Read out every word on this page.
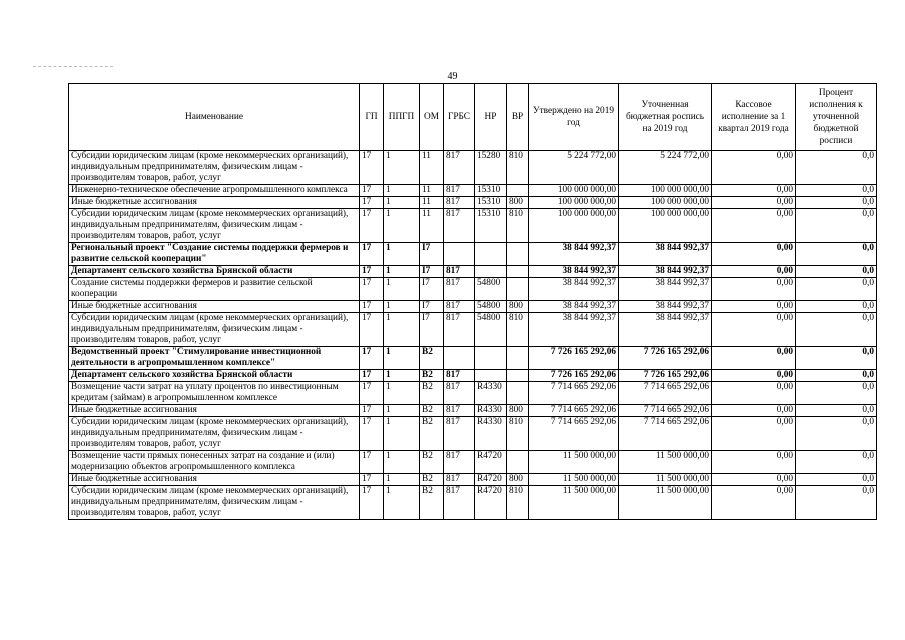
49
Наименование	ГП	ППГП	ОМ	ГРБС	НР	ВР	Утверждено на 2019 год	Уточненная бюджетная роспись на 2019 год	Кассовое исполнение за 1 квартал 2019 года	Процент исполнения к уточненной бюджетной росписи
Субсидии юридическим лицам (кроме некоммерческих организаций), индивидуальным предпринимателям, физическим лицам - производителям товаров, работ, услуг	17	1	11	817	15280	810	5 224 772,00	5 224 772,00	0,00	0,0
Инженерно-техническое обеспечение агропромышленного комплекса	17	1	11	817	15310		100 000 000,00	100 000 000,00	0,00	0,0
Иные бюджетные ассигнования	17	1	11	817	15310	800	100 000 000,00	100 000 000,00	0,00	0,0
Субсидии юридическим лицам (кроме некоммерческих организаций), индивидуальным предпринимателям, физическим лицам - производителям товаров, работ, услуг	17	1	11	817	15310	810	100 000 000,00	100 000 000,00	0,00	0,0
Региональный проект "Создание системы поддержки фермеров и развитие сельской кооперации"	17	1	I7				38 844 992,37	38 844 992,37	0,00	0,0
Департамент сельского хозяйства Брянской области	17	1	I7	817			38 844 992,37	38 844 992,37	0,00	0,0
Создание системы поддержки фермеров и развитие сельской кооперации	17	1	I7	817	54800		38 844 992,37	38 844 992,37	0,00	0,0
Иные бюджетные ассигнования	17	1	I7	817	54800	800	38 844 992,37	38 844 992,37	0,00	0,0
Субсидии юридическим лицам (кроме некоммерческих организаций), индивидуальным предпринимателям, физическим лицам - производителям товаров, работ, услуг	17	1	I7	817	54800	810	38 844 992,37	38 844 992,37	0,00	0,0
Ведомственный проект "Стимулирование инвестиционной деятельности в агропромышленном комплексе"	17	1	B2				7 726 165 292,06	7 726 165 292,06	0,00	0,0
Департамент сельского хозяйства Брянской области	17	1	B2	817			7 726 165 292,06	7 726 165 292,06	0,00	0,0
Возмещение части затрат на уплату процентов по инвестиционным кредитам (займам) в агропромышленном комплексе	17	1	B2	817	R4330		7 714 665 292,06	7 714 665 292,06	0,00	0,0
Иные бюджетные ассигнования	17	1	B2	817	R4330	800	7 714 665 292,06	7 714 665 292,06	0,00	0,0
Субсидии юридическим лицам (кроме некоммерческих организаций), индивидуальным предпринимателям, физическим лицам - производителям товаров, работ, услуг	17	1	B2	817	R4330	810	7 714 665 292,06	7 714 665 292,06	0,00	0,0
Возмещение части прямых понесенных затрат на создание и (или) модернизацию объектов агропромышленного комплекса	17	1	B2	817	R4720		11 500 000,00	11 500 000,00	0,00	0,0
Иные бюджетные ассигнования	17	1	B2	817	R4720	800	11 500 000,00	11 500 000,00	0,00	0,0
Субсидии юридическим лицам (кроме некоммерческих организаций), индивидуальным предпринимателям, физическим лицам - производителям товаров, работ, услуг	17	1	B2	817	R4720	810	11 500 000,00	11 500 000,00	0,00	0,0
